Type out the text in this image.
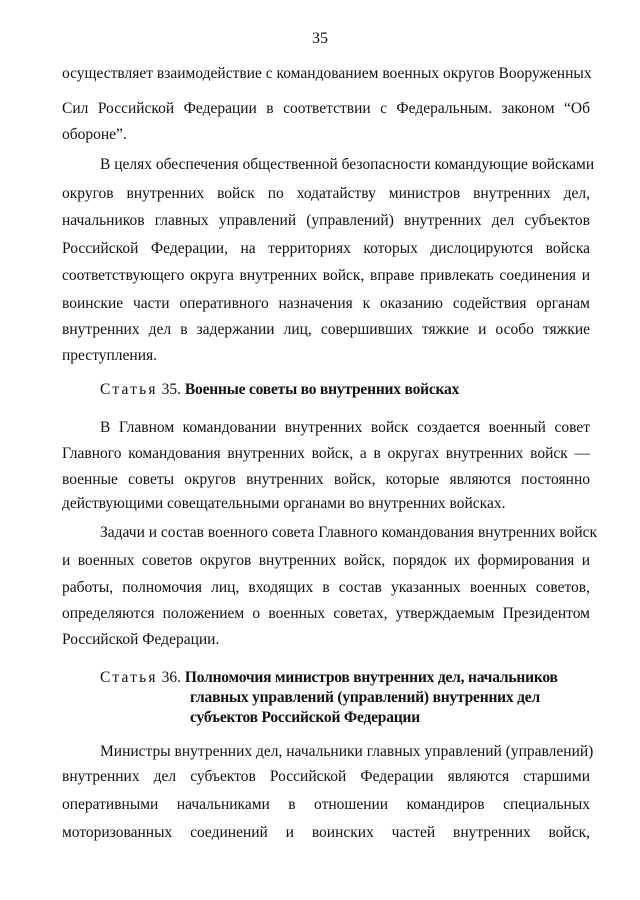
35
осуществляет взаимодействие с командованием военных округов Вооруженных
Сил Российской Федерации в соответствии с Федеральным. законом “Об
обороне”.
В целях обеспечения общественной безопасности командующие войсками
округов внутренних войск по ходатайству министров внутренних дел,
начальников главных управлений (управлений) внутренних дел субъектов
Российской Федерации, на территориях которых дислоцируются войска
соответствующего округа внутренних войск, вправе привлекать соединения и
воинские части оперативного назначения к оказанию содействия органам
внутренних дел в задержании лиц, совершивших тяжкие и особо тяжкие
преступления.
Статья 35. Военные советы во внутренних войсках
В Главном командовании внутренних войск создается военный совет
Главного командования внутренних войск, а в округах внутренних войск —
военные советы округов внутренних войск, которые являются постоянно
действующими совещательными органами во внутренних войсках.
Задачи и состав военного совета Главного командования внутренних войск
и военных советов округов внутренних войск, порядок их формирования и
работы, полномочия лиц, входящих в состав указанных военных советов,
определяются положением о военных советах, утверждаемым Президентом
Российской Федерации.
Статья 36. Полномочия министров внутренних дел, начальников
главных управлений (управлений) внутренних дел
субъектов Российской Федерации
Министры внутренних дел, начальники главных управлений (управлений)
внутренних дел субъектов Российской Федерации являются старшими
оперативными начальниками в отношении командиров специальных
моторизованных соединений и воинских частей внутренних войск,
